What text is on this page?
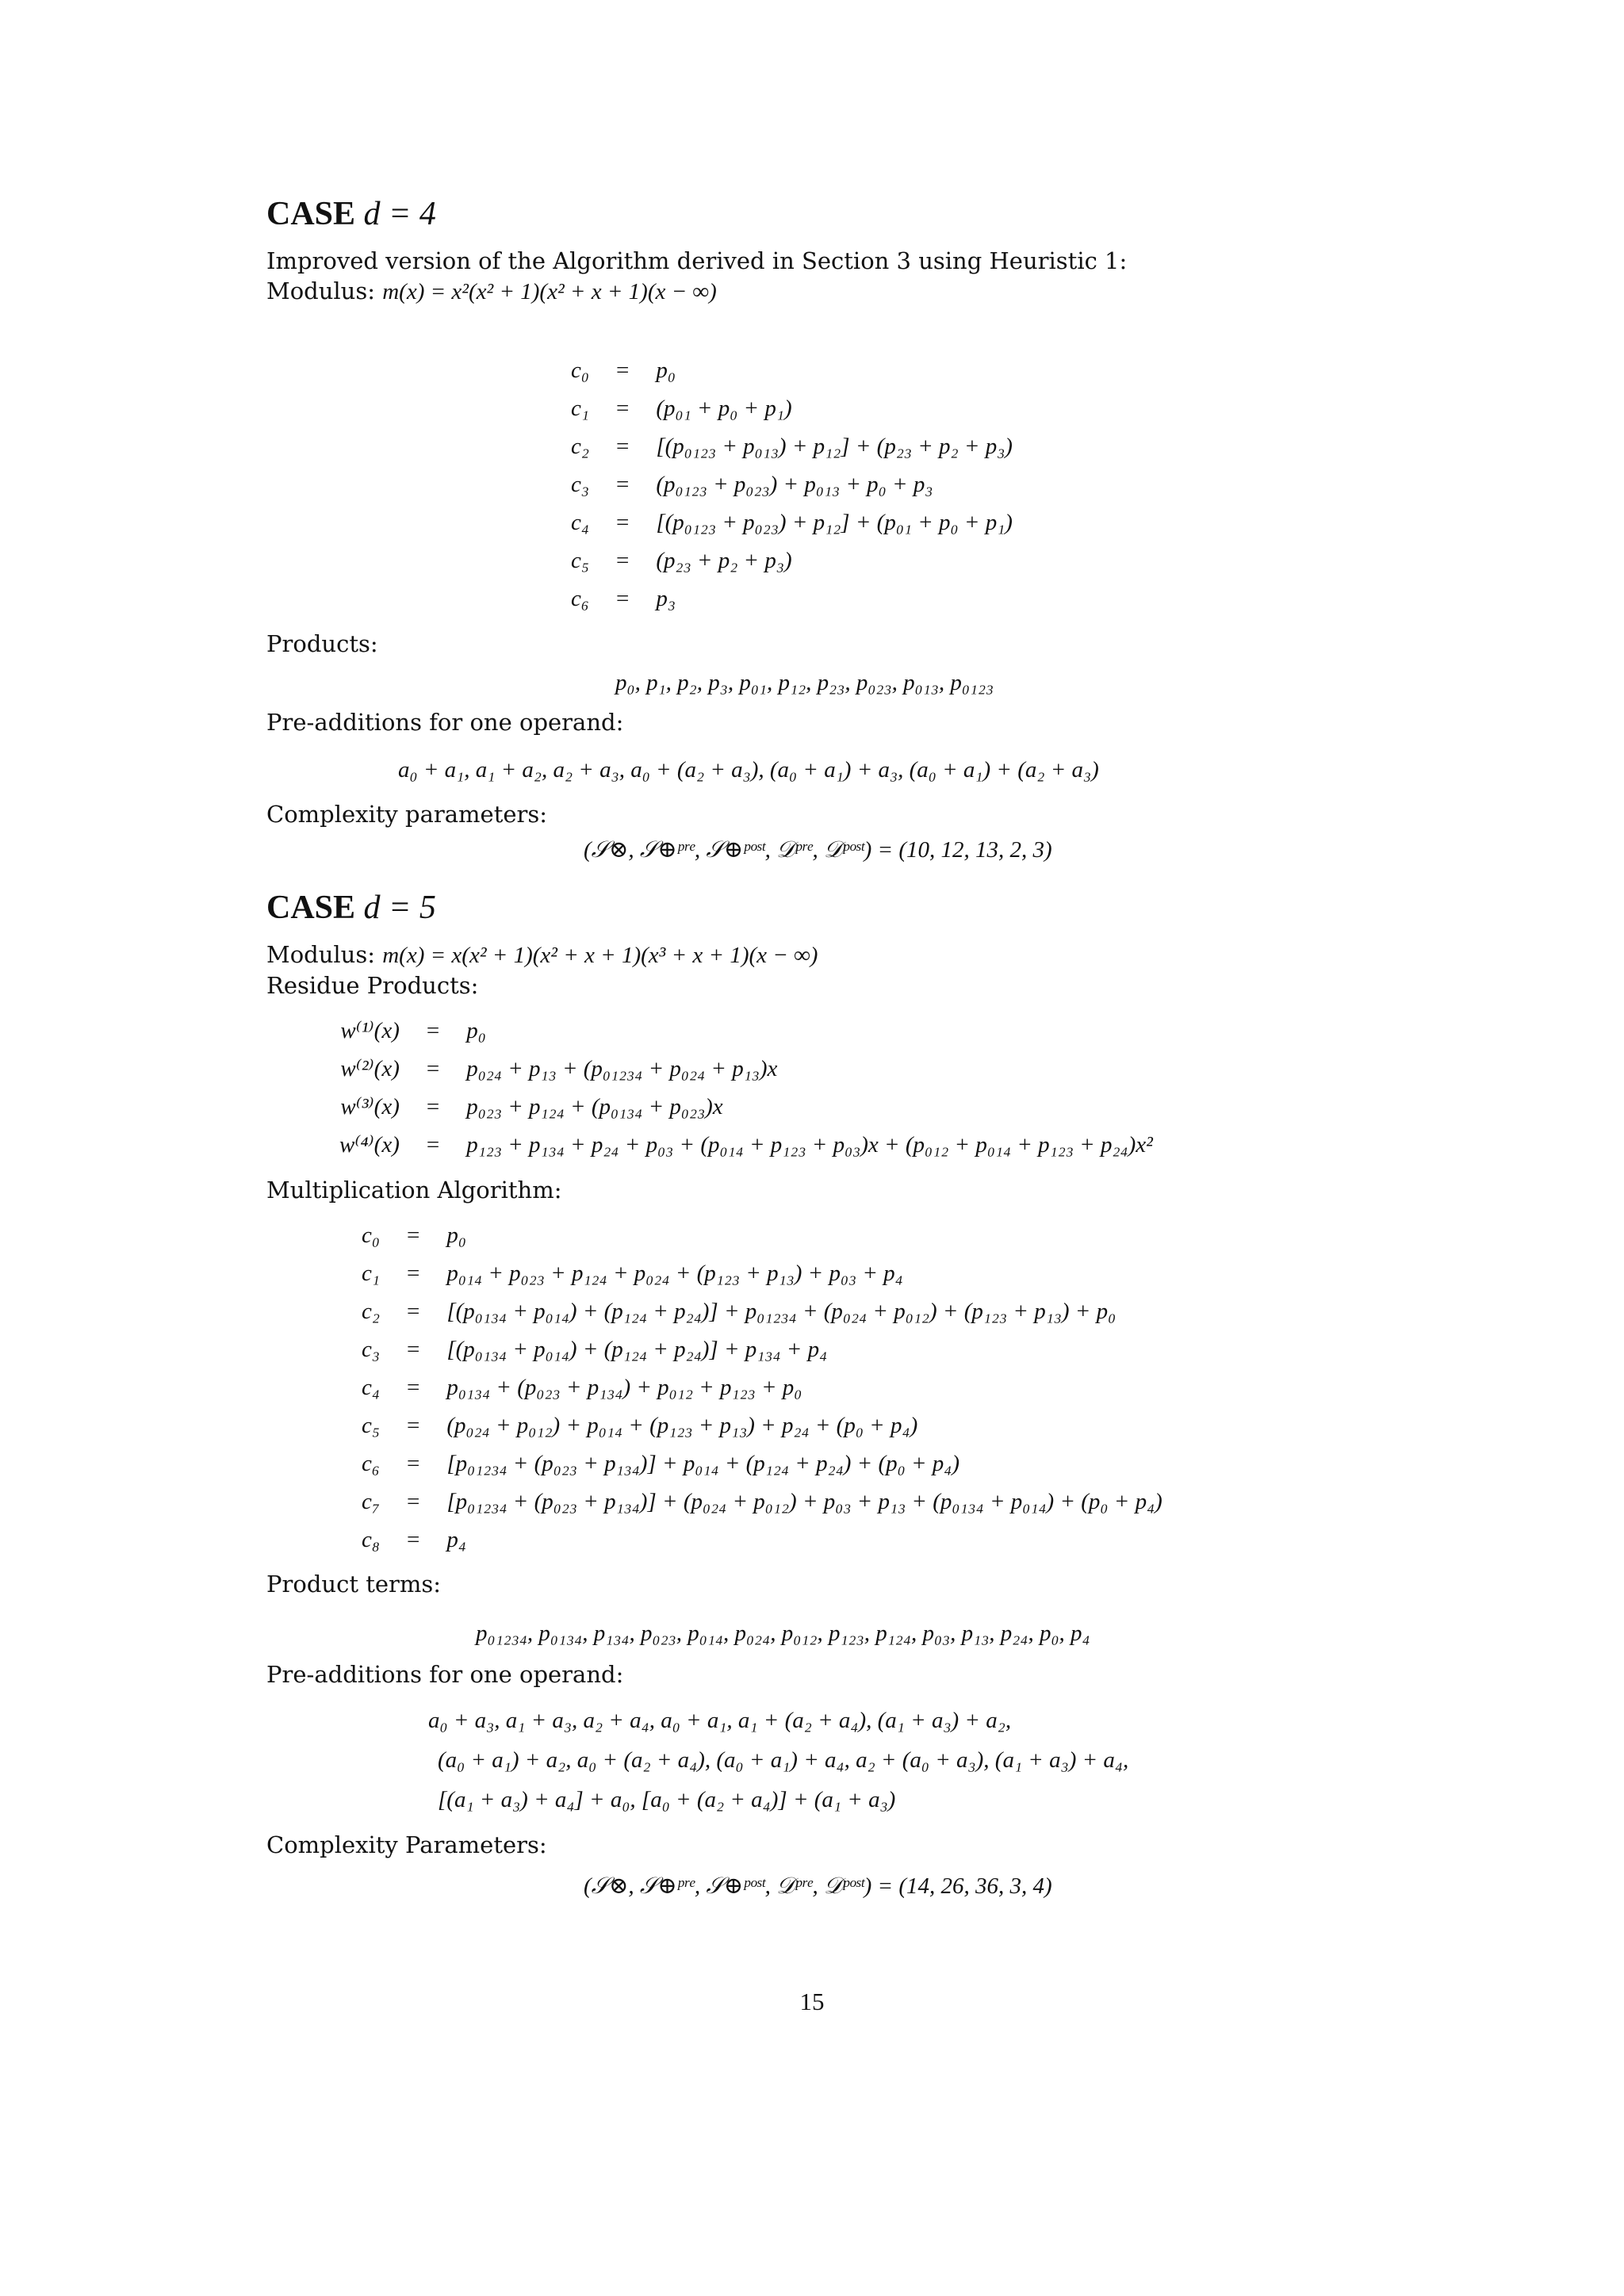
CASE d = 4

Improved version of the Algorithm derived in Section 3 using Heuristic 1:

Modulus: m(x) = x²(x² + 1)(x² + x + 1)(x − ∞)

c₀	=	p₀
c₁	=	(p₀₁ + p₀ + p₁)
c₂	=	[(p₀₁₂₃ + p₀₁₃) + p₁₂] + (p₂₃ + p₂ + p₃)
c₃	=	(p₀₁₂₃ + p₀₂₃) + p₀₁₃ + p₀ + p₃
c₄	=	[(p₀₁₂₃ + p₀₂₃) + p₁₂] + (p₀₁ + p₀ + p₁)
c₅	=	(p₂₃ + p₂ + p₃)
c₆	=	p₃

Products:

p₀, p₁, p₂, p₃, p₀₁, p₁₂, p₂₃, p₀₂₃, p₀₁₃, p₀₁₂₃

Pre-additions for one operand:

a₀ + a₁, a₁ + a₂, a₂ + a₃, a₀ + (a₂ + a₃), (a₀ + a₁) + a₃, (a₀ + a₁) + (a₂ + a₃)

Complexity parameters:

(𝒮⊗, 𝒮⊕ᵖʳᵉ, 𝒮⊕ᵖᵒˢᵗ, 𝒟ᵖʳᵉ, 𝒟ᵖᵒˢᵗ) = (10, 12, 13, 2, 3)
CASE d = 5

Modulus: m(x) = x(x² + 1)(x² + x + 1)(x³ + x + 1)(x − ∞)

Residue Products:

w⁽¹⁾(x)	=	p₀
w⁽²⁾(x)	=	p₀₂₄ + p₁₃ + (p₀₁₂₃₄ + p₀₂₄ + p₁₃)x
w⁽³⁾(x)	=	p₀₂₃ + p₁₂₄ + (p₀₁₃₄ + p₀₂₃)x
w⁽⁴⁾(x)	=	p₁₂₃ + p₁₃₄ + p₂₄ + p₀₃ + (p₀₁₄ + p₁₂₃ + p₀₃)x + (p₀₁₂ + p₀₁₄ + p₁₂₃ + p₂₄)x²

Multiplication Algorithm:

c₀	=	p₀
c₁	=	p₀₁₄ + p₀₂₃ + p₁₂₄ + p₀₂₄ + (p₁₂₃ + p₁₃) + p₀₃ + p₄
c₂	=	[(p₀₁₃₄ + p₀₁₄) + (p₁₂₄ + p₂₄)] + p₀₁₂₃₄ + (p₀₂₄ + p₀₁₂) + (p₁₂₃ + p₁₃) + p₀
c₃	=	[(p₀₁₃₄ + p₀₁₄) + (p₁₂₄ + p₂₄)] + p₁₃₄ + p₄
c₄	=	p₀₁₃₄ + (p₀₂₃ + p₁₃₄) + p₀₁₂ + p₁₂₃ + p₀
c₅	=	(p₀₂₄ + p₀₁₂) + p₀₁₄ + (p₁₂₃ + p₁₃) + p₂₄ + (p₀ + p₄)
c₆	=	[p₀₁₂₃₄ + (p₀₂₃ + p₁₃₄)] + p₀₁₄ + (p₁₂₄ + p₂₄) + (p₀ + p₄)
c₇	=	[p₀₁₂₃₄ + (p₀₂₃ + p₁₃₄)] + (p₀₂₄ + p₀₁₂) + p₀₃ + p₁₃ + (p₀₁₃₄ + p₀₁₄) + (p₀ + p₄)
c₈	=	p₄

Product terms:

p₀₁₂₃₄, p₀₁₃₄, p₁₃₄, p₀₂₃, p₀₁₄, p₀₂₄, p₀₁₂, p₁₂₃, p₁₂₄, p₀₃, p₁₃, p₂₄, p₀, p₄

Pre-additions for one operand:

a₀ + a₃, a₁ + a₃, a₂ + a₄, a₀ + a₁, a₁ + (a₂ + a₄), (a₁ + a₃) + a₂,
(a₀ + a₁) + a₂, a₀ + (a₂ + a₄), (a₀ + a₁) + a₄, a₂ + (a₀ + a₃), (a₁ + a₃) + a₄,
[(a₁ + a₃) + a₄] + a₀, [a₀ + (a₂ + a₄)] + (a₁ + a₃)

Complexity Parameters:

(𝒮⊗, 𝒮⊕ᵖʳᵉ, 𝒮⊕ᵖᵒˢᵗ, 𝒟ᵖʳᵉ, 𝒟ᵖᵒˢᵗ) = (14, 26, 36, 3, 4)
15
